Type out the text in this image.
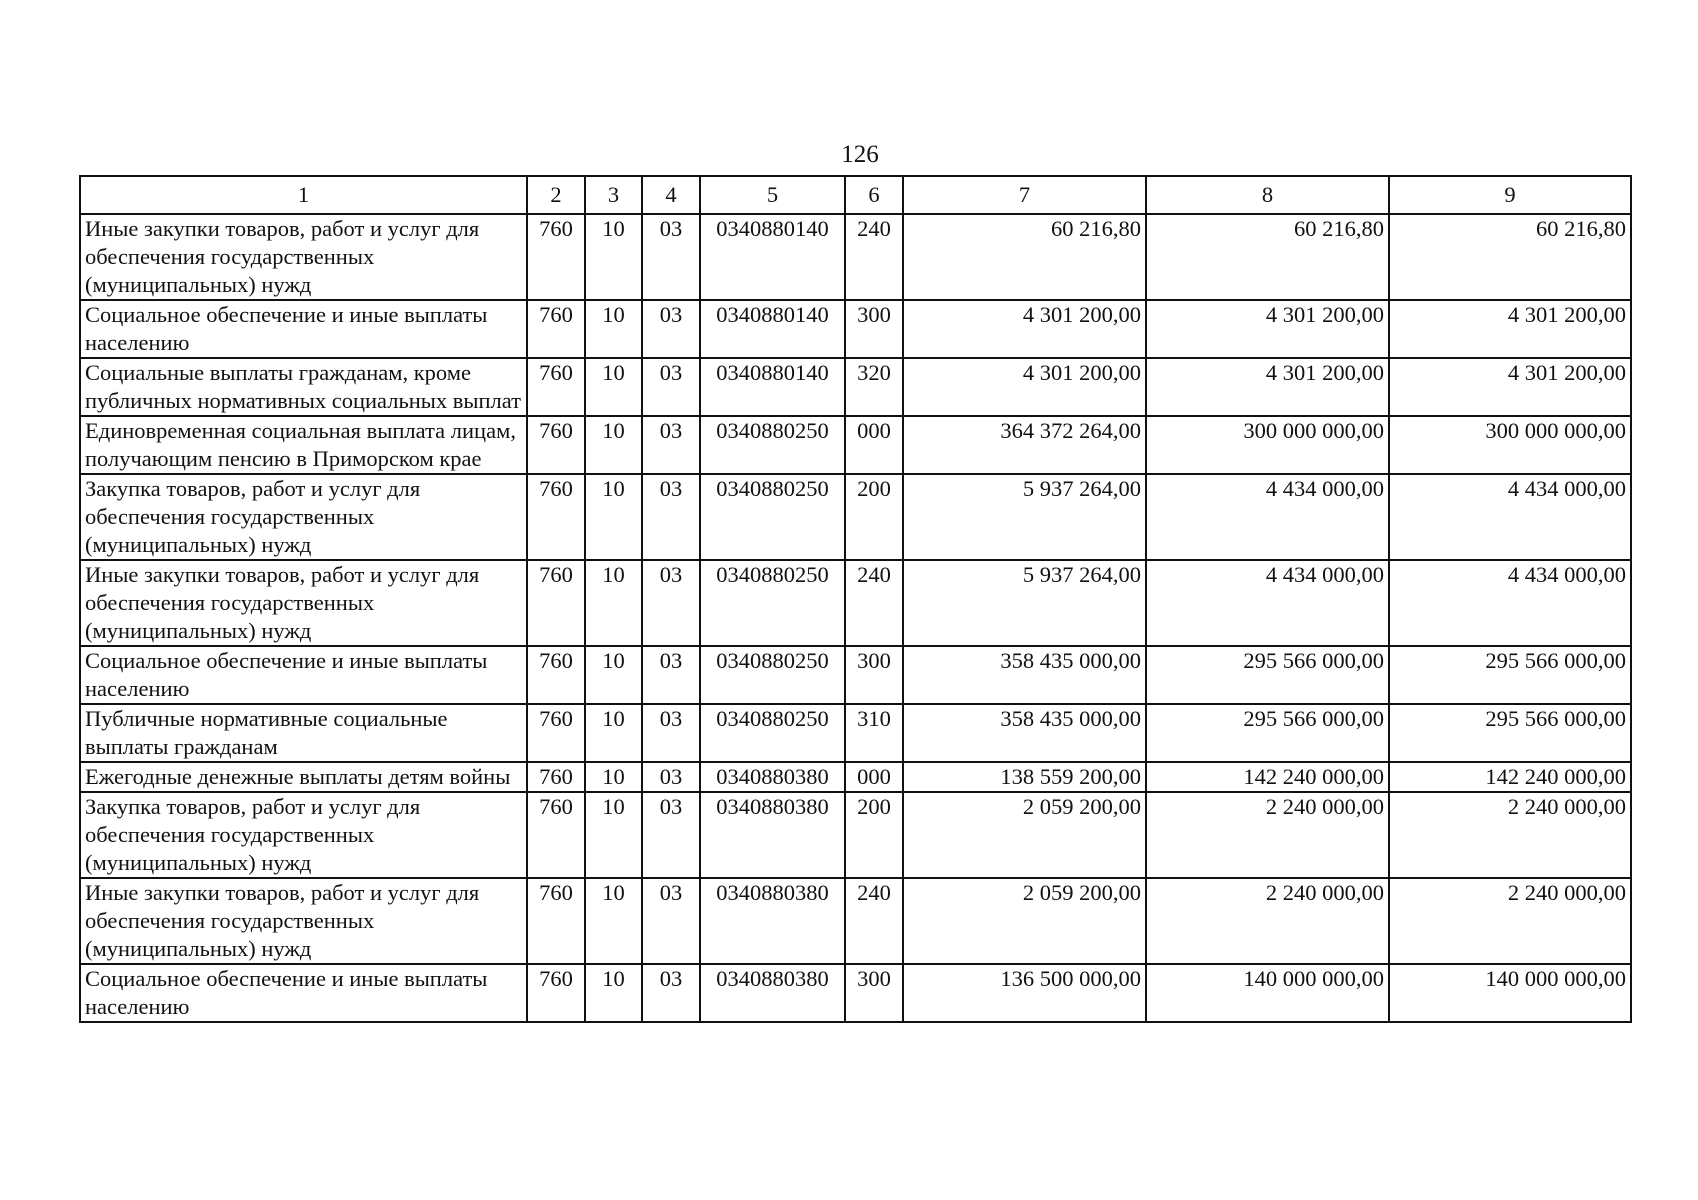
126
1	2	3	4	5	6	7	8	9
Иные закупки товаров, работ и услуг для обеспечения государственных (муниципальных) нужд	760	10	03	0340880140	240	60 216,80	60 216,80	60 216,80
Социальное обеспечение и иные выплаты населению	760	10	03	0340880140	300	4 301 200,00	4 301 200,00	4 301 200,00
Социальные выплаты гражданам, кроме публичных нормативных социальных выплат	760	10	03	0340880140	320	4 301 200,00	4 301 200,00	4 301 200,00
Единовременная социальная выплата лицам, получающим пенсию в Приморском крае	760	10	03	0340880250	000	364 372 264,00	300 000 000,00	300 000 000,00
Закупка товаров, работ и услуг для обеспечения государственных (муниципальных) нужд	760	10	03	0340880250	200	5 937 264,00	4 434 000,00	4 434 000,00
Иные закупки товаров, работ и услуг для обеспечения государственных (муниципальных) нужд	760	10	03	0340880250	240	5 937 264,00	4 434 000,00	4 434 000,00
Социальное обеспечение и иные выплаты населению	760	10	03	0340880250	300	358 435 000,00	295 566 000,00	295 566 000,00
Публичные нормативные социальные выплаты гражданам	760	10	03	0340880250	310	358 435 000,00	295 566 000,00	295 566 000,00
Ежегодные денежные выплаты детям войны	760	10	03	0340880380	000	138 559 200,00	142 240 000,00	142 240 000,00
Закупка товаров, работ и услуг для обеспечения государственных (муниципальных) нужд	760	10	03	0340880380	200	2 059 200,00	2 240 000,00	2 240 000,00
Иные закупки товаров, работ и услуг для обеспечения государственных (муниципальных) нужд	760	10	03	0340880380	240	2 059 200,00	2 240 000,00	2 240 000,00
Социальное обеспечение и иные выплаты населению	760	10	03	0340880380	300	136 500 000,00	140 000 000,00	140 000 000,00
